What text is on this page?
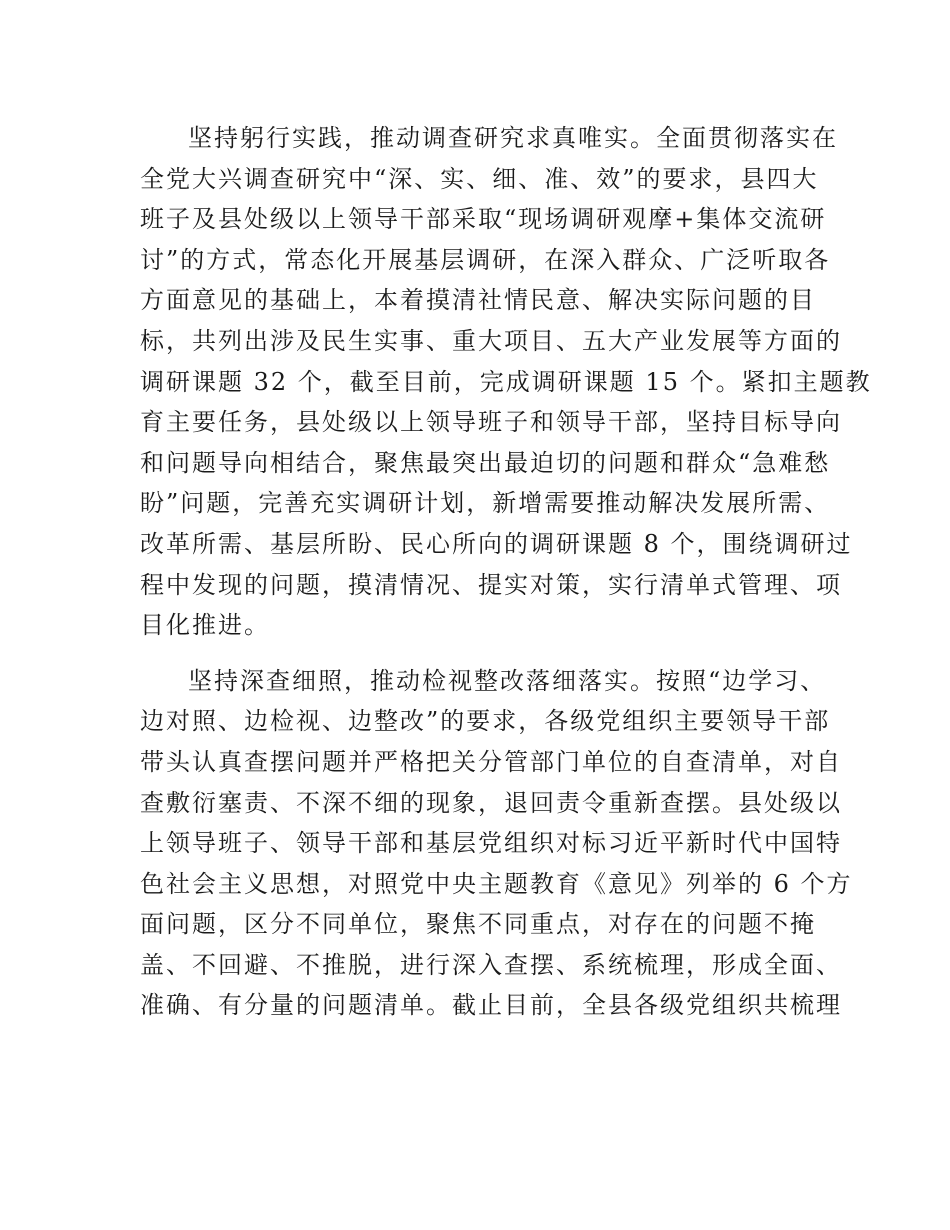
坚持躬行实践，推动调查研究求真唯实。全面贯彻落实在
全党大兴调查研究中“深、实、细、准、效”的要求，县四大
班子及县处级以上领导干部采取“现场调研观摩+集体交流研
讨”的方式，常态化开展基层调研，在深入群众、广泛听取各
方面意见的基础上，本着摸清社情民意、解决实际问题的目
标，共列出涉及民生实事、重大项目、五大产业发展等方面的
调研课题 32 个，截至目前，完成调研课题 15 个。紧扣主题教
育主要任务，县处级以上领导班子和领导干部，坚持目标导向
和问题导向相结合，聚焦最突出最迫切的问题和群众“急难愁
盼”问题，完善充实调研计划，新增需要推动解决发展所需、
改革所需、基层所盼、民心所向的调研课题 8 个，围绕调研过
程中发现的问题，摸清情况、提实对策，实行清单式管理、项
目化推进。

坚持深查细照，推动检视整改落细落实。按照“边学习、
边对照、边检视、边整改”的要求，各级党组织主要领导干部
带头认真查摆问题并严格把关分管部门单位的自查清单，对自
查敷衍塞责、不深不细的现象，退回责令重新查摆。县处级以
上领导班子、领导干部和基层党组织对标习近平新时代中国特
色社会主义思想，对照党中央主题教育《意见》列举的 6 个方
面问题，区分不同单位，聚焦不同重点，对存在的问题不掩
盖、不回避、不推脱，进行深入查摆、系统梳理，形成全面、
准确、有分量的问题清单。截止目前，全县各级党组织共梳理
